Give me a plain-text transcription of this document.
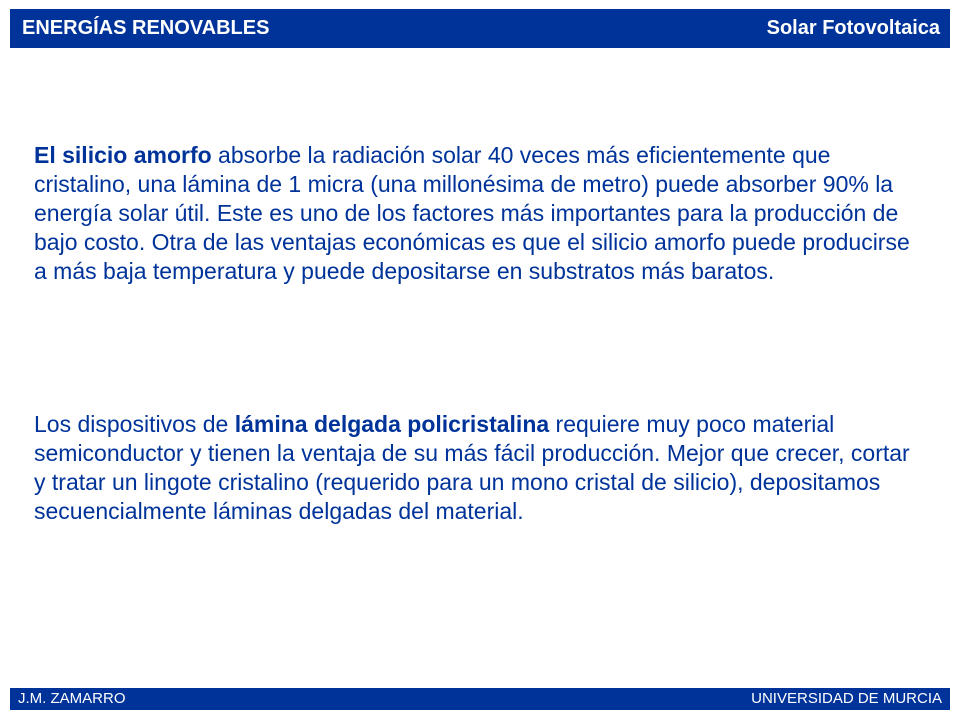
ENERGÍAS RENOVABLES	Solar Fotovoltaica

El silicio amorfo absorbe la radiación solar 40 veces más eficientemente que cristalino, una lámina de 1 micra (una millonésima de metro) puede absorber 90% la energía solar útil. Este es uno de los factores más importantes para la producción de bajo costo. Otra de las ventajas económicas es que el silicio amorfo puede producirse a más baja temperatura y puede depositarse en substratos más baratos.

Los dispositivos de lámina delgada policristalina requiere muy poco material semiconductor y tienen la ventaja de su más fácil producción. Mejor que crecer, cortar y tratar un lingote cristalino (requerido para un mono cristal de silicio), depositamos secuencialmente láminas delgadas del material.

J.M. ZAMARRO	UNIVERSIDAD DE MURCIA
